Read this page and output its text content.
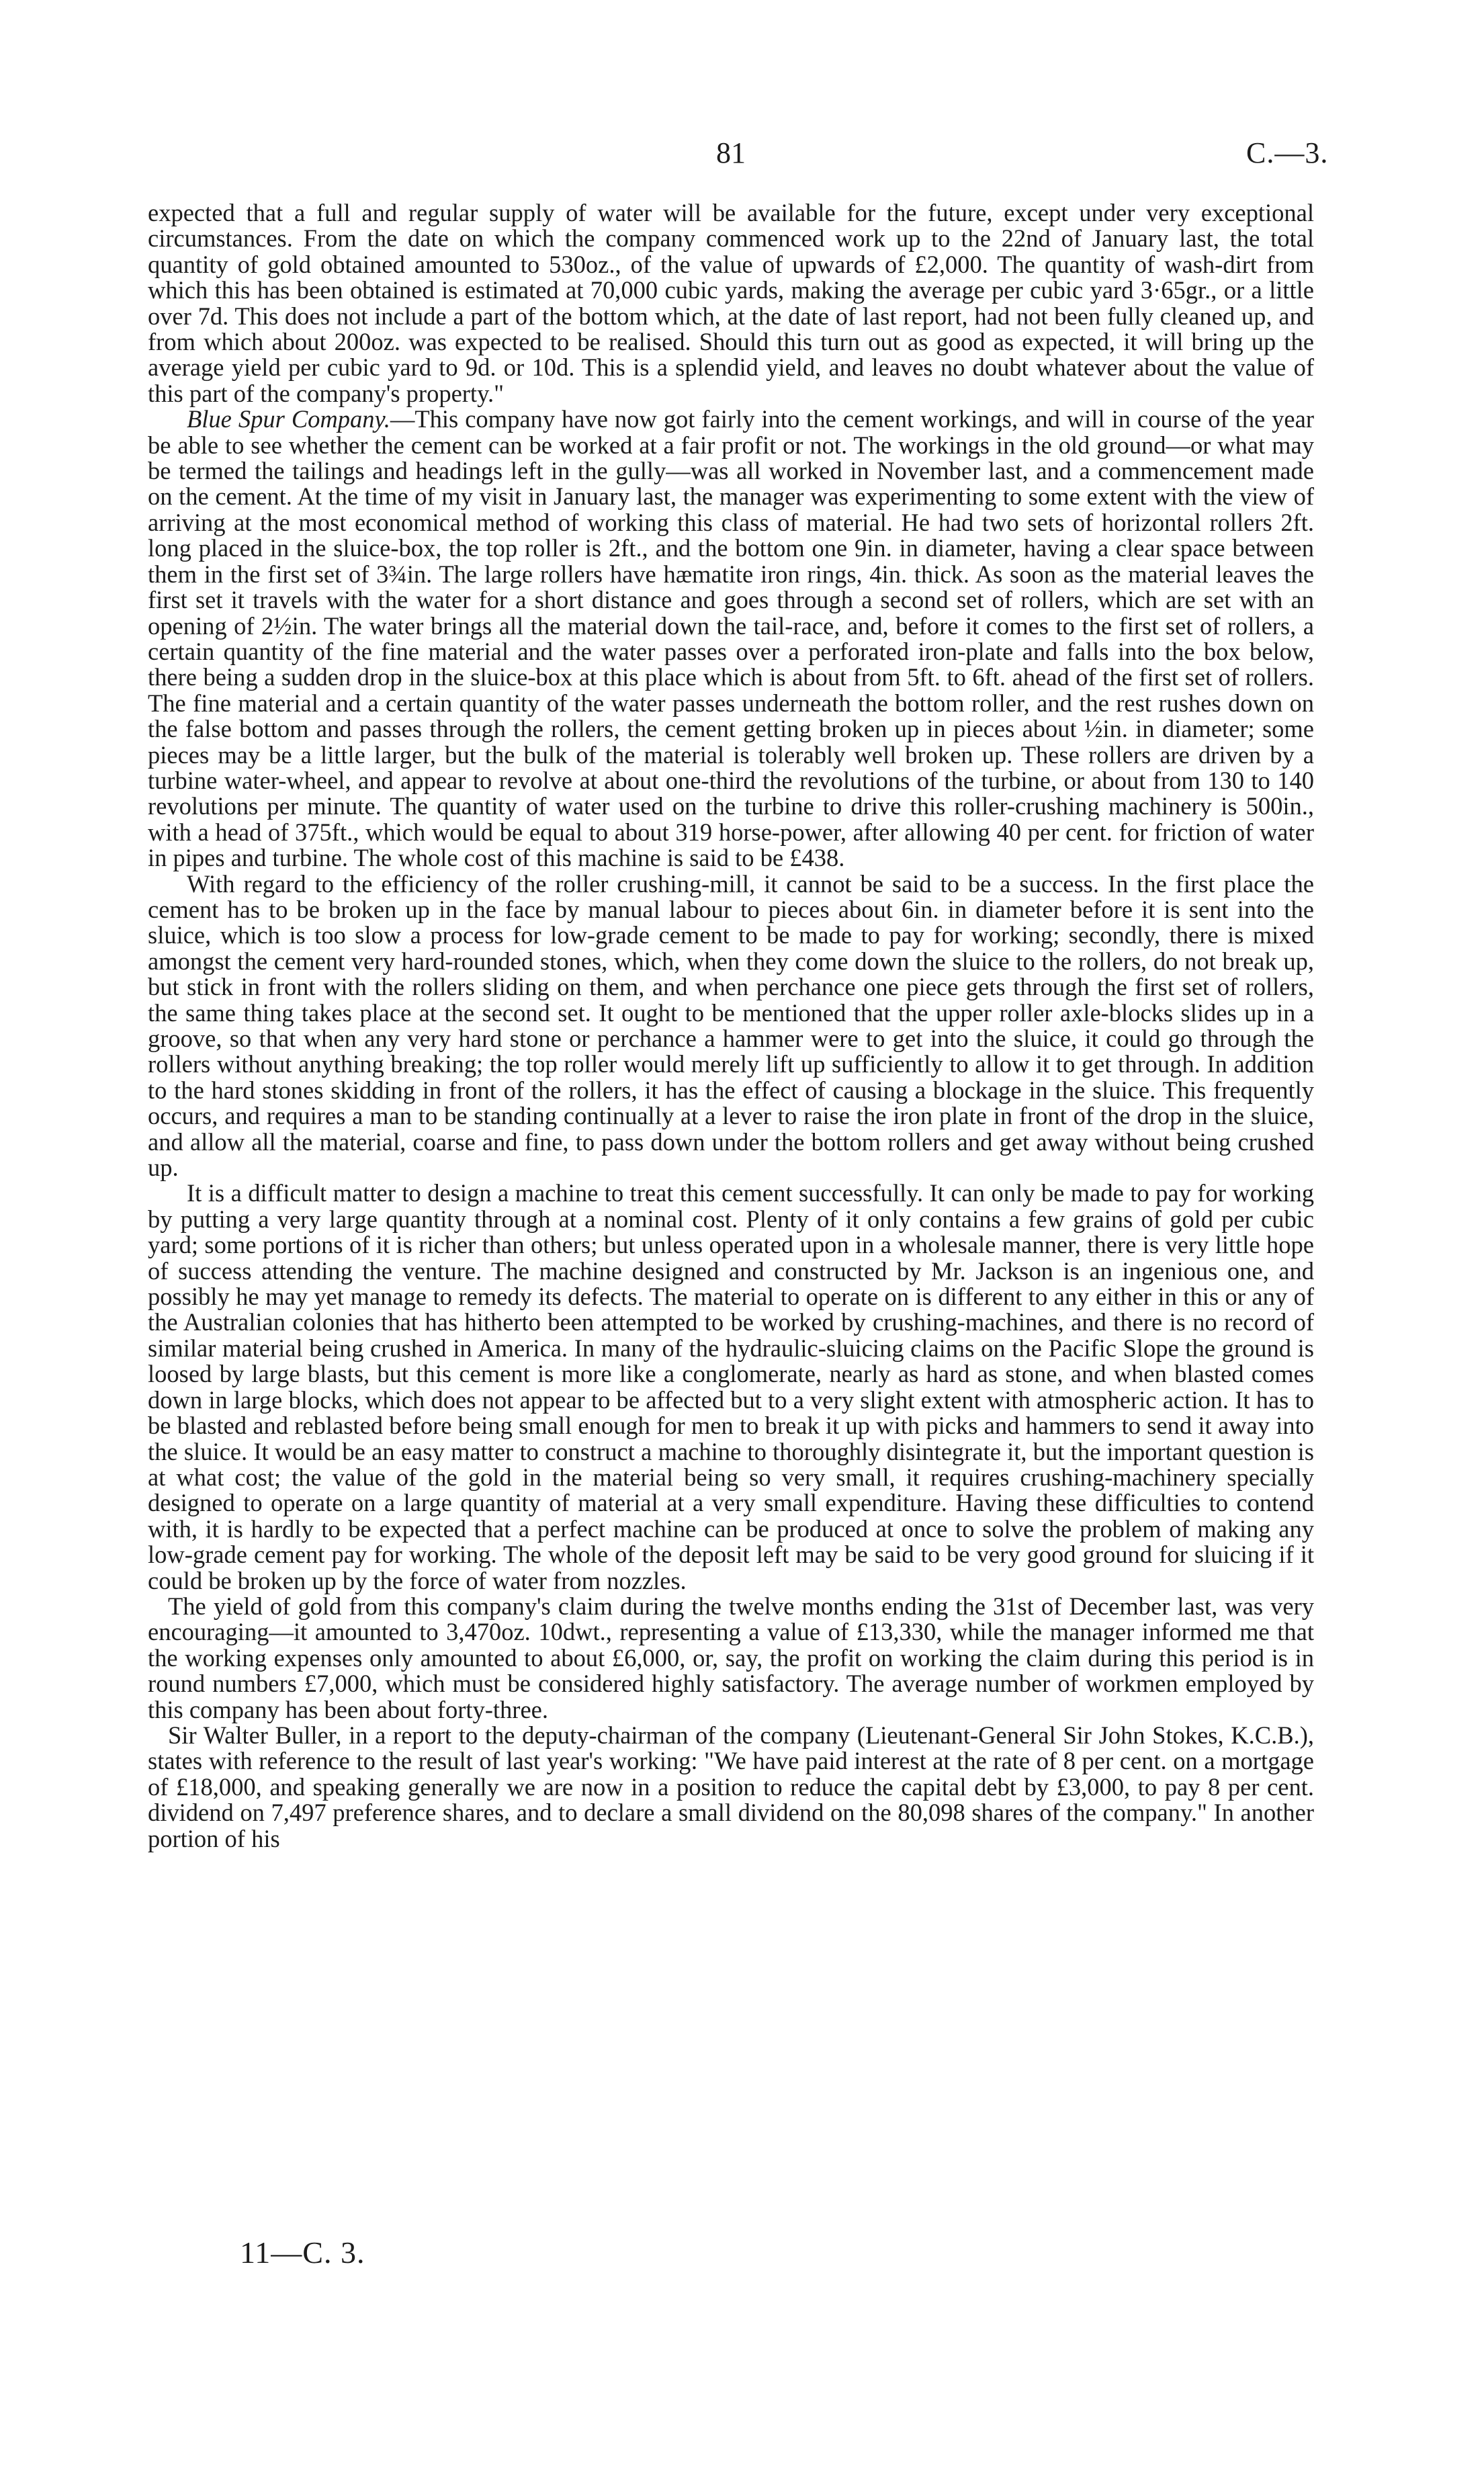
81	C.—3.

expected that a full and regular supply of water will be available for the future, except under very exceptional circumstances. From the date on which the company commenced work up to the 22nd of January last, the total quantity of gold obtained amounted to 530oz., of the value of upwards of £2,000. The quantity of wash-dirt from which this has been obtained is estimated at 70,000 cubic yards, making the average per cubic yard 3·65gr., or a little over 7d. This does not include a part of the bottom which, at the date of last report, had not been fully cleaned up, and from which about 200oz. was expected to be realised. Should this turn out as good as expected, it will bring up the average yield per cubic yard to 9d. or 10d. This is a splendid yield, and leaves no doubt whatever about the value of this part of the company's property."

Blue Spur Company.—This company have now got fairly into the cement workings, and will in course of the year be able to see whether the cement can be worked at a fair profit or not. The workings in the old ground—or what may be termed the tailings and headings left in the gully—was all worked in November last, and a commencement made on the cement. At the time of my visit in January last, the manager was experimenting to some extent with the view of arriving at the most economical method of working this class of material. He had two sets of horizontal rollers 2ft. long placed in the sluice-box, the top roller is 2ft., and the bottom one 9in. in diameter, having a clear space between them in the first set of 3¾in. The large rollers have hæmatite iron rings, 4in. thick. As soon as the material leaves the first set it travels with the water for a short distance and goes through a second set of rollers, which are set with an opening of 2½in. The water brings all the material down the tail-race, and, before it comes to the first set of rollers, a certain quantity of the fine material and the water passes over a perforated iron-plate and falls into the box below, there being a sudden drop in the sluice-box at this place which is about from 5ft. to 6ft. ahead of the first set of rollers. The fine material and a certain quantity of the water passes underneath the bottom roller, and the rest rushes down on the false bottom and passes through the rollers, the cement getting broken up in pieces about ½in. in diameter; some pieces may be a little larger, but the bulk of the material is tolerably well broken up. These rollers are driven by a turbine water-wheel, and appear to revolve at about one-third the revolutions of the turbine, or about from 130 to 140 revolutions per minute. The quantity of water used on the turbine to drive this roller-crushing machinery is 500in., with a head of 375ft., which would be equal to about 319 horse-power, after allowing 40 per cent. for friction of water in pipes and turbine. The whole cost of this machine is said to be £438.

With regard to the efficiency of the roller crushing-mill, it cannot be said to be a success. In the first place the cement has to be broken up in the face by manual labour to pieces about 6in. in diameter before it is sent into the sluice, which is too slow a process for low-grade cement to be made to pay for working; secondly, there is mixed amongst the cement very hard-rounded stones, which, when they come down the sluice to the rollers, do not break up, but stick in front with the rollers sliding on them, and when perchance one piece gets through the first set of rollers, the same thing takes place at the second set. It ought to be mentioned that the upper roller axle-blocks slides up in a groove, so that when any very hard stone or perchance a hammer were to get into the sluice, it could go through the rollers without anything breaking; the top roller would merely lift up sufficiently to allow it to get through. In addition to the hard stones skidding in front of the rollers, it has the effect of causing a blockage in the sluice. This frequently occurs, and requires a man to be standing continually at a lever to raise the iron plate in front of the drop in the sluice, and allow all the material, coarse and fine, to pass down under the bottom rollers and get away without being crushed up.

It is a difficult matter to design a machine to treat this cement successfully. It can only be made to pay for working by putting a very large quantity through at a nominal cost. Plenty of it only contains a few grains of gold per cubic yard; some portions of it is richer than others; but unless operated upon in a wholesale manner, there is very little hope of success attending the venture. The machine designed and constructed by Mr. Jackson is an ingenious one, and possibly he may yet manage to remedy its defects. The material to operate on is different to any either in this or any of the Australian colonies that has hitherto been attempted to be worked by crushing-machines, and there is no record of similar material being crushed in America. In many of the hydraulic-sluicing claims on the Pacific Slope the ground is loosed by large blasts, but this cement is more like a conglomerate, nearly as hard as stone, and when blasted comes down in large blocks, which does not appear to be affected but to a very slight extent with atmospheric action. It has to be blasted and reblasted before being small enough for men to break it up with picks and hammers to send it away into the sluice. It would be an easy matter to construct a machine to thoroughly disintegrate it, but the important question is at what cost; the value of the gold in the material being so very small, it requires crushing-machinery specially designed to operate on a large quantity of material at a very small expenditure. Having these difficulties to contend with, it is hardly to be expected that a perfect machine can be produced at once to solve the problem of making any low-grade cement pay for working. The whole of the deposit left may be said to be very good ground for sluicing if it could be broken up by the force of water from nozzles.

The yield of gold from this company's claim during the twelve months ending the 31st of December last, was very encouraging—it amounted to 3,470oz. 10dwt., representing a value of £13,330, while the manager informed me that the working expenses only amounted to about £6,000, or, say, the profit on working the claim during this period is in round numbers £7,000, which must be considered highly satisfactory. The average number of workmen employed by this company has been about forty-three.

Sir Walter Buller, in a report to the deputy-chairman of the company (Lieutenant-General Sir John Stokes, K.C.B.), states with reference to the result of last year's working: "We have paid interest at the rate of 8 per cent. on a mortgage of £18,000, and speaking generally we are now in a position to reduce the capital debt by £3,000, to pay 8 per cent. dividend on 7,497 preference shares, and to declare a small dividend on the 80,098 shares of the company." In another portion of his

11—C. 3.
